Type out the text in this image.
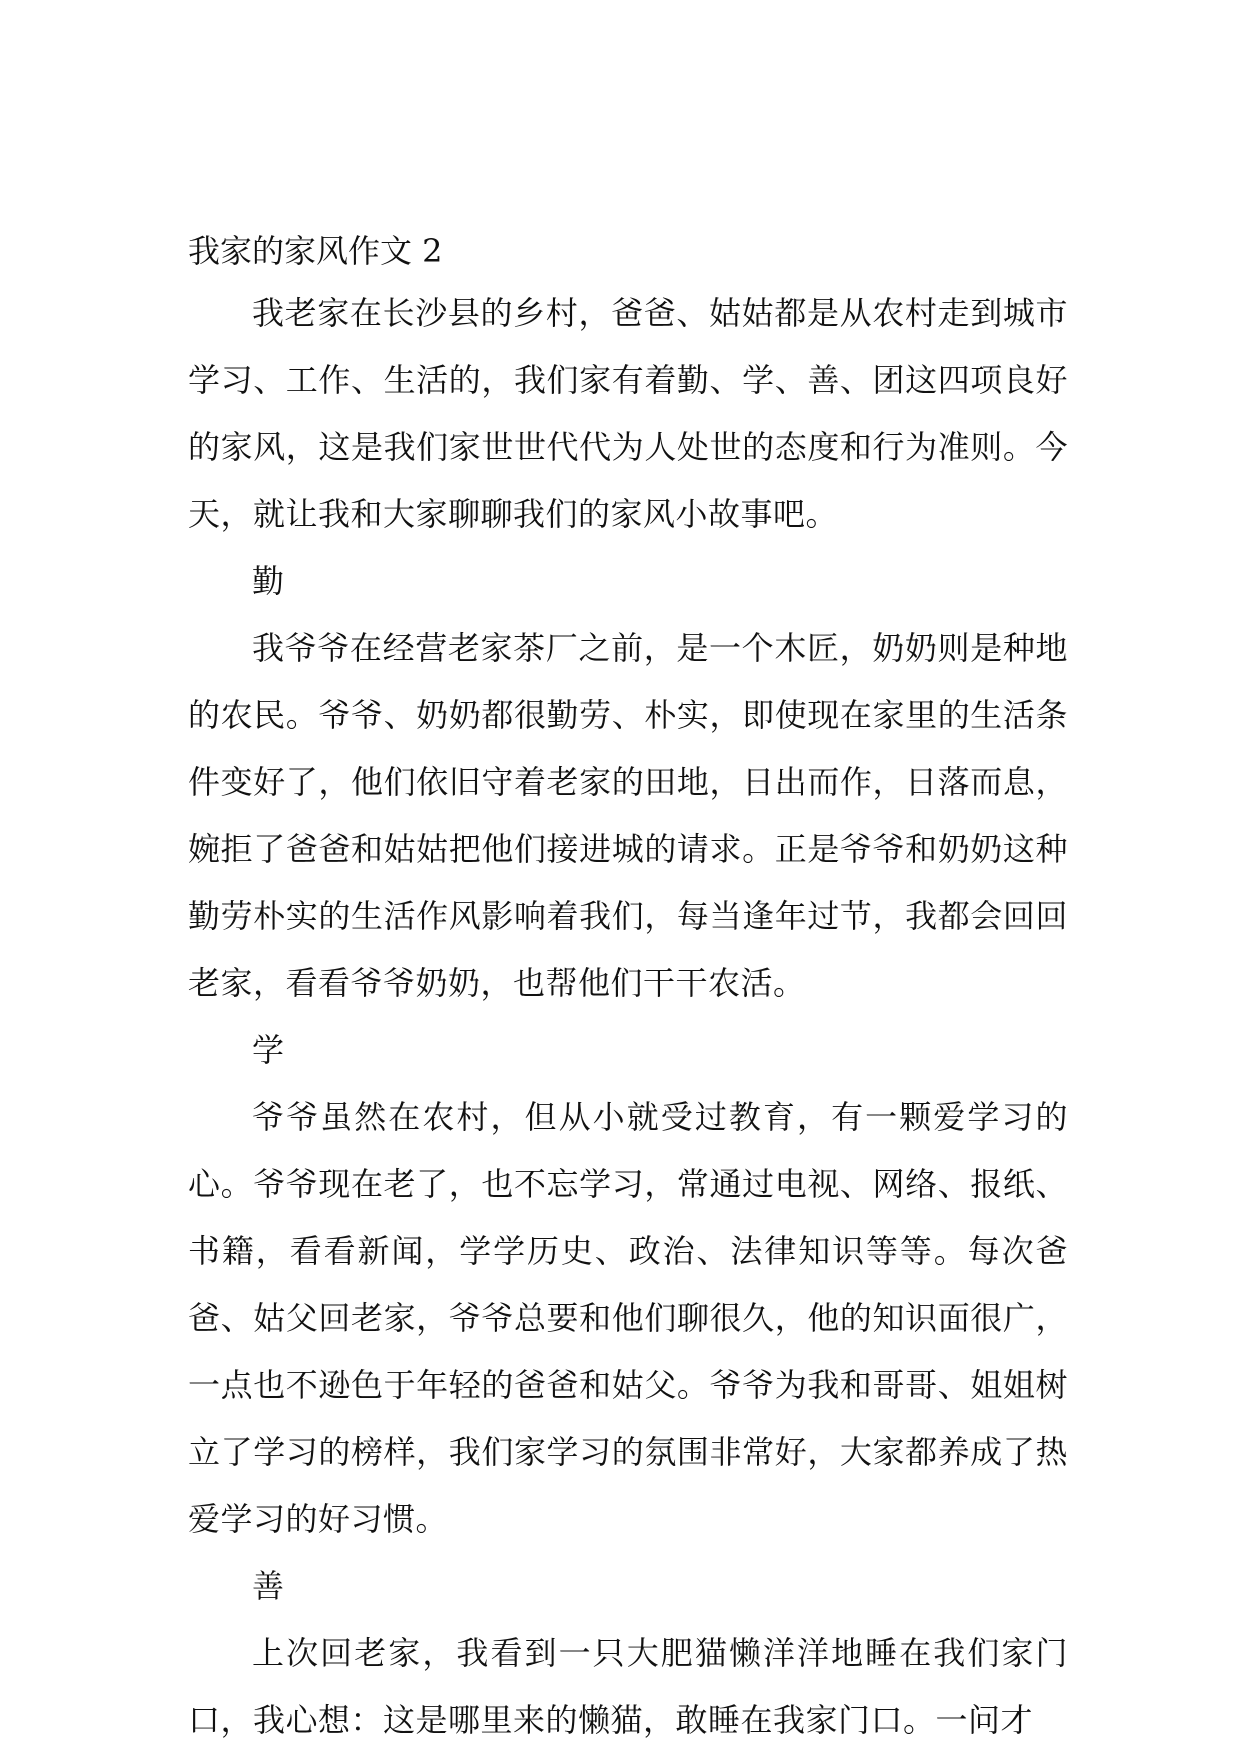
我家的家风作文 2

我老家在长沙县的乡村，爸爸、姑姑都是从农村走到城市学习、工作、生活的，我们家有着勤、学、善、团这四项良好的家风，这是我们家世世代代为人处世的态度和行为准则。今天，就让我和大家聊聊我们的家风小故事吧。

勤

我爷爷在经营老家茶厂之前，是一个木匠，奶奶则是种地的农民。爷爷、奶奶都很勤劳、朴实，即使现在家里的生活条件变好了，他们依旧守着老家的田地，日出而作，日落而息，婉拒了爸爸和姑姑把他们接进城的请求。正是爷爷和奶奶这种勤劳朴实的生活作风影响着我们，每当逢年过节，我都会回回老家，看看爷爷奶奶，也帮他们干干农活。

学

爷爷虽然在农村，但从小就受过教育，有一颗爱学习的心。爷爷现在老了，也不忘学习，常通过电视、网络、报纸、书籍，看看新闻，学学历史、政治、法律知识等等。每次爸爸、姑父回老家，爷爷总要和他们聊很久，他的知识面很广，一点也不逊色于年轻的爸爸和姑父。爷爷为我和哥哥、姐姐树立了学习的榜样，我们家学习的氛围非常好，大家都养成了热爱学习的好习惯。

善

上次回老家，我看到一只大肥猫懒洋洋地睡在我们家门口，我心想：这是哪里来的懒猫，敢睡在我家门口。一问才
